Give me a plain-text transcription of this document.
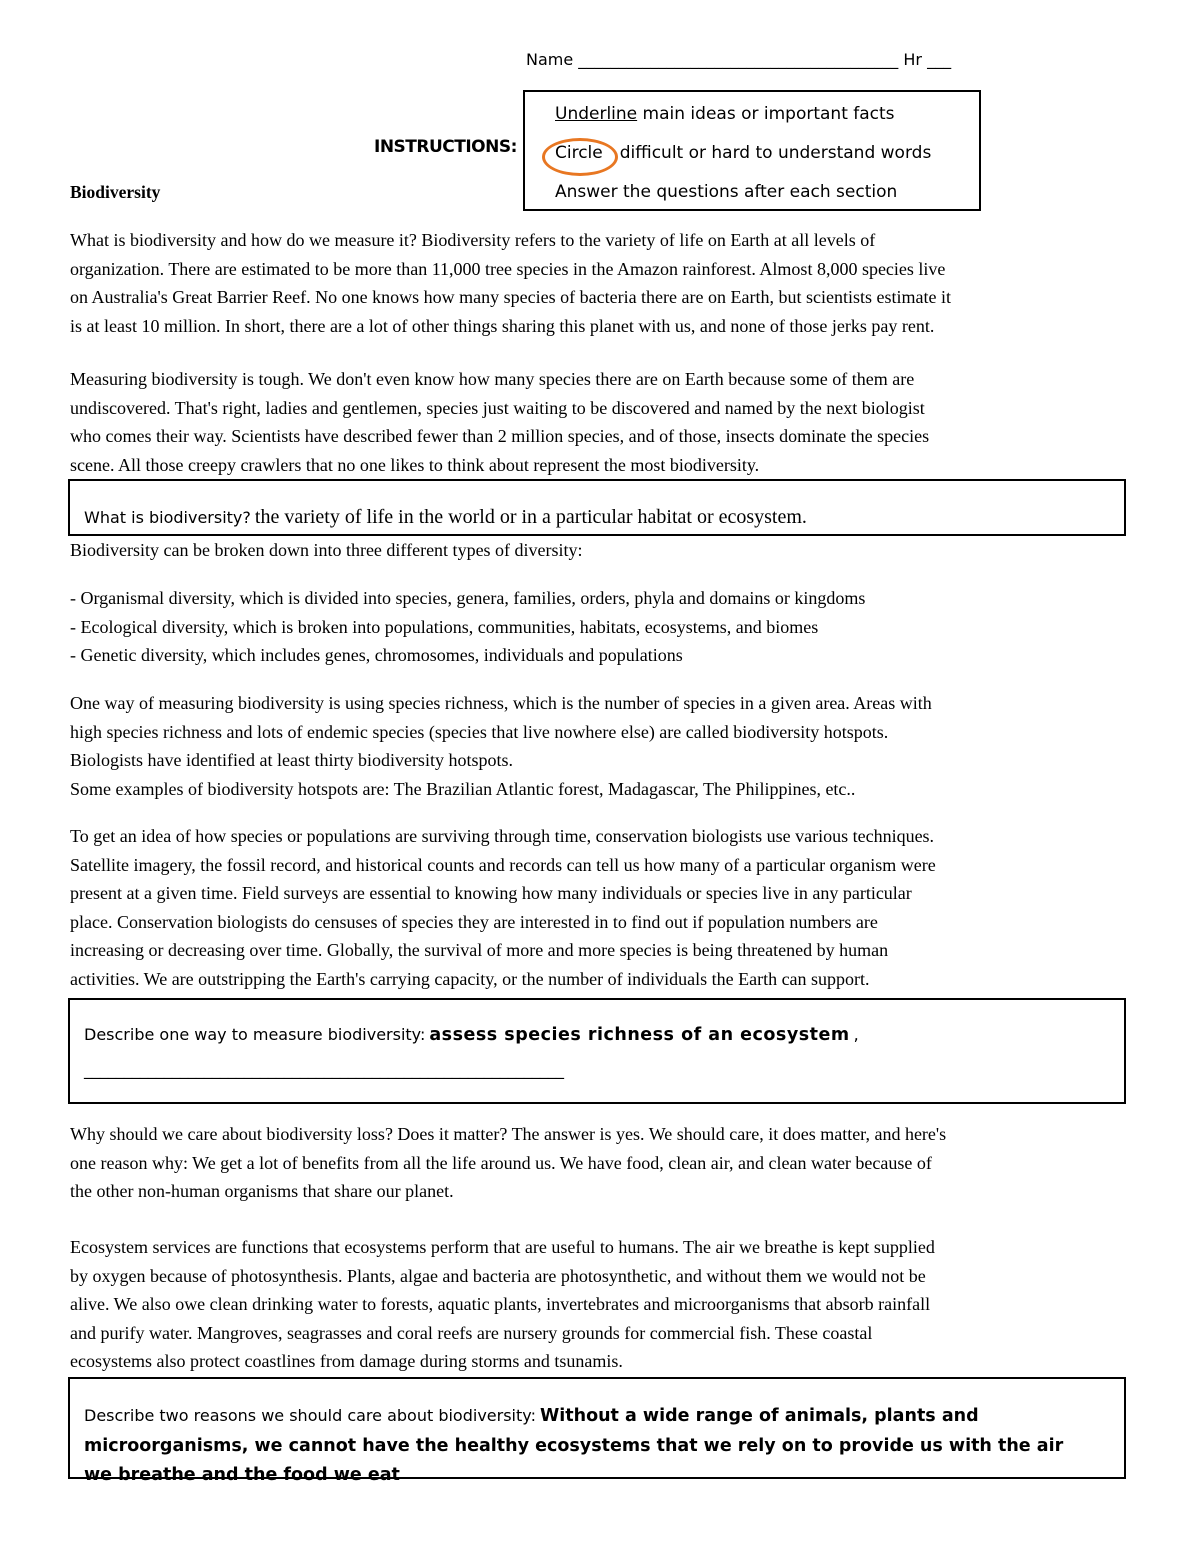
Name ________________________________________ Hr ___
INSTRUCTIONS:
Underline main ideas or important facts
Circle difficult or hard to understand words
Answer the questions after each section
Biodiversity
What is biodiversity and how do we measure it? Biodiversity refers to the variety of life on Earth at all levels of
organization. There are estimated to be more than 11,000 tree species in the Amazon rainforest. Almost 8,000 species live
on Australia's Great Barrier Reef. No one knows how many species of bacteria there are on Earth, but scientists estimate it
is at least 10 million. In short, there are a lot of other things sharing this planet with us, and none of those jerks pay rent.
Measuring biodiversity is tough. We don't even know how many species there are on Earth because some of them are
undiscovered. That's right, ladies and gentlemen, species just waiting to be discovered and named by the next biologist
who comes their way. Scientists have described fewer than 2 million species, and of those, insects dominate the species
scene. All those creepy crawlers that no one likes to think about represent the most biodiversity.
What is biodiversity? the variety of life in the world or in a particular habitat or ecosystem.
Biodiversity can be broken down into three different types of diversity:
- Organismal diversity, which is divided into species, genera, families, orders, phyla and domains or kingdoms
- Ecological diversity, which is broken into populations, communities, habitats, ecosystems, and biomes
- Genetic diversity, which includes genes, chromosomes, individuals and populations
One way of measuring biodiversity is using species richness, which is the number of species in a given area. Areas with
high species richness and lots of endemic species (species that live nowhere else) are called biodiversity hotspots.
Biologists have identified at least thirty biodiversity hotspots.
Some examples of biodiversity hotspots are: The Brazilian Atlantic forest, Madagascar, The Philippines, etc..
To get an idea of how species or populations are surviving through time, conservation biologists use various techniques.
Satellite imagery, the fossil record, and historical counts and records can tell us how many of a particular organism were
present at a given time. Field surveys are essential to knowing how many individuals or species live in any particular
place. Conservation biologists do censuses of species they are interested in to find out if population numbers are
increasing or decreasing over time. Globally, the survival of more and more species is being threatened by human
activities. We are outstripping the Earth's carrying capacity, or the number of individuals the Earth can support.
Describe one way to measure biodiversity: assess species richness of an ecosystem ,
____________________________________________________________
Why should we care about biodiversity loss? Does it matter? The answer is yes. We should care, it does matter, and here's
one reason why: We get a lot of benefits from all the life around us. We have food, clean air, and clean water because of
the other non-human organisms that share our planet.
Ecosystem services are functions that ecosystems perform that are useful to humans. The air we breathe is kept supplied
by oxygen because of photosynthesis. Plants, algae and bacteria are photosynthetic, and without them we would not be
alive. We also owe clean drinking water to forests, aquatic plants, invertebrates and microorganisms that absorb rainfall
and purify water. Mangroves, seagrasses and coral reefs are nursery grounds for commercial fish. These coastal
ecosystems also protect coastlines from damage during storms and tsunamis.
Describe two reasons we should care about biodiversity: Without a wide range of animals, plants and
microorganisms, we cannot have the healthy ecosystems that we rely on to provide us with the air
we breathe and the food we eat
